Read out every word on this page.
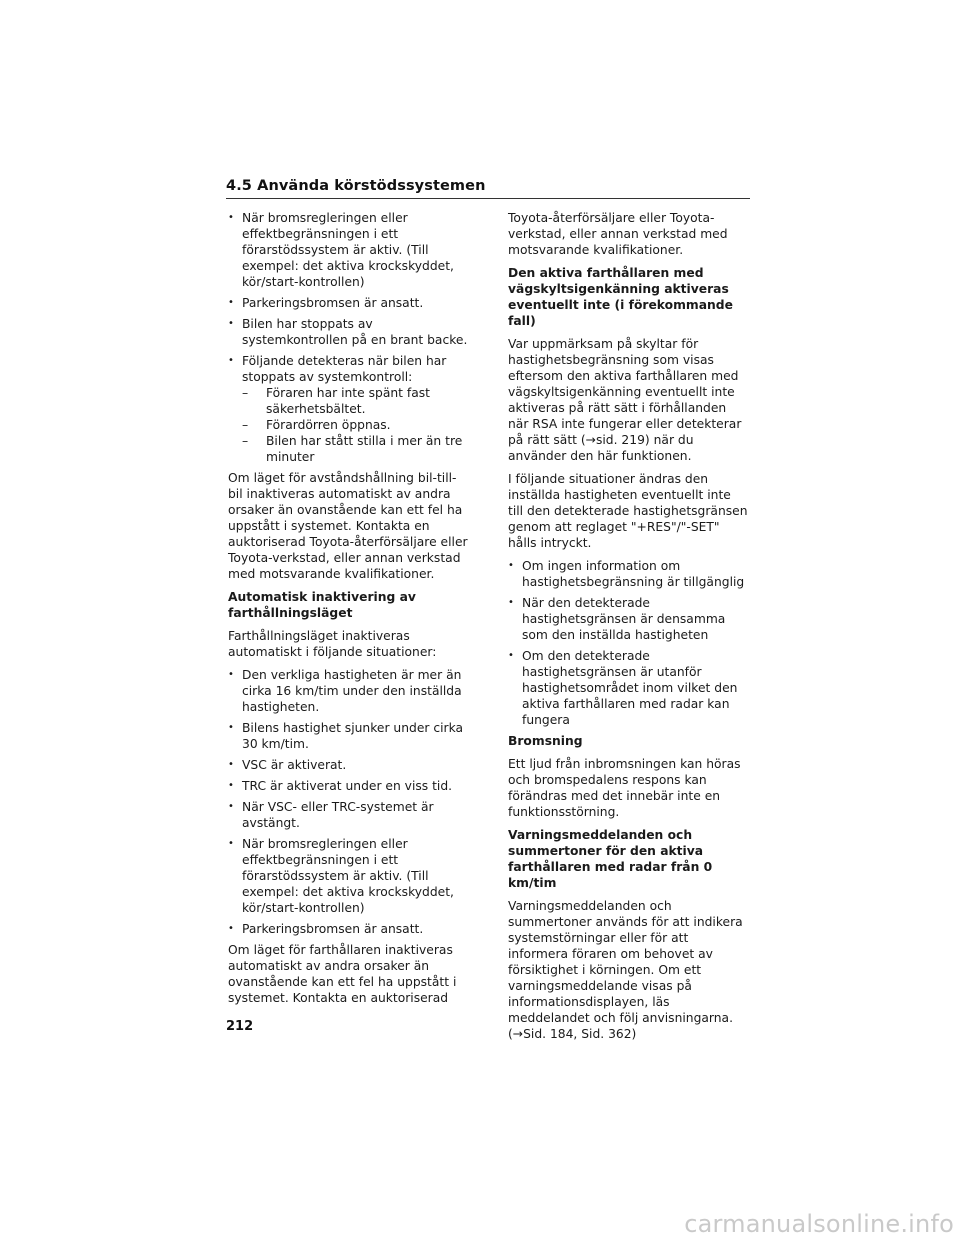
4.5 Använda körstödssystemen
• När bromsregleringen eller effektbegränsningen i ett förarstödssystem är aktiv. (Till exempel: det aktiva krockskyddet, kör/start-kontrollen)
• Parkeringsbromsen är ansatt.
• Bilen har stoppats av systemkontrollen på en brant backe.
• Följande detekteras när bilen har stoppats av systemkontroll:
– Föraren har inte spänt fast säkerhetsbältet.
– Förardörren öppnas.
– Bilen har stått stilla i mer än tre minuter

Om läget för avståndshållning bil-till-bil inaktiveras automatiskt av andra orsaker än ovanstående kan ett fel ha uppstått i systemet. Kontakta en auktoriserad Toyota-återförsäljare eller Toyota-verkstad, eller annan verkstad med motsvarande kvalifikationer.

Automatisk inaktivering av farthållningsläget

Farthållningsläget inaktiveras automatiskt i följande situationer:

• Den verkliga hastigheten är mer än cirka 16 km/tim under den inställda hastigheten.
• Bilens hastighet sjunker under cirka 30 km/tim.
• VSC är aktiverat.
• TRC är aktiverat under en viss tid.
• När VSC- eller TRC-systemet är avstängt.
• När bromsregleringen eller effektbegränsningen i ett förarstödssystem är aktiv. (Till exempel: det aktiva krockskyddet, kör/start-kontrollen)
• Parkeringsbromsen är ansatt.

Om läget för farthållaren inaktiveras automatiskt av andra orsaker än ovanstående kan ett fel ha uppstått i systemet. Kontakta en auktoriserad

Toyota-återförsäljare eller Toyota-verkstad, eller annan verkstad med motsvarande kvalifikationer.

Den aktiva farthållaren med vägskyltsigenkänning aktiveras eventuellt inte (i förekommande fall)

Var uppmärksam på skyltar för hastighetsbegränsning som visas eftersom den aktiva farthållaren med vägskyltsigenkänning eventuellt inte aktiveras på rätt sätt i förhållanden när RSA inte fungerar eller detekterar på rätt sätt (→sid. 219) när du använder den här funktionen.

I följande situationer ändras den inställda hastigheten eventuellt inte till den detekterade hastighetsgränsen genom att reglaget "+RES"/"-SET" hålls intryckt.

• Om ingen information om hastighetsbegränsning är tillgänglig
• När den detekterade hastighetsgränsen är densamma som den inställda hastigheten
• Om den detekterade hastighetsgränsen är utanför hastighetsområdet inom vilket den aktiva farthållaren med radar kan fungera
Bromsning

Ett ljud från inbromsningen kan höras och bromspedalens respons kan förändras med det innebär inte en funktionsstörning.

Varningsmeddelanden och summertoner för den aktiva farthållaren med radar från 0 km/tim

Varningsmeddelanden och summertoner används för att indikera systemstörningar eller för att informera föraren om behovet av försiktighet i körningen. Om ett varningsmeddelande visas på informationsdisplayen, läs meddelandet och följ anvisningarna. (→Sid. 184, Sid. 362)

212
carmanualsonline.info
